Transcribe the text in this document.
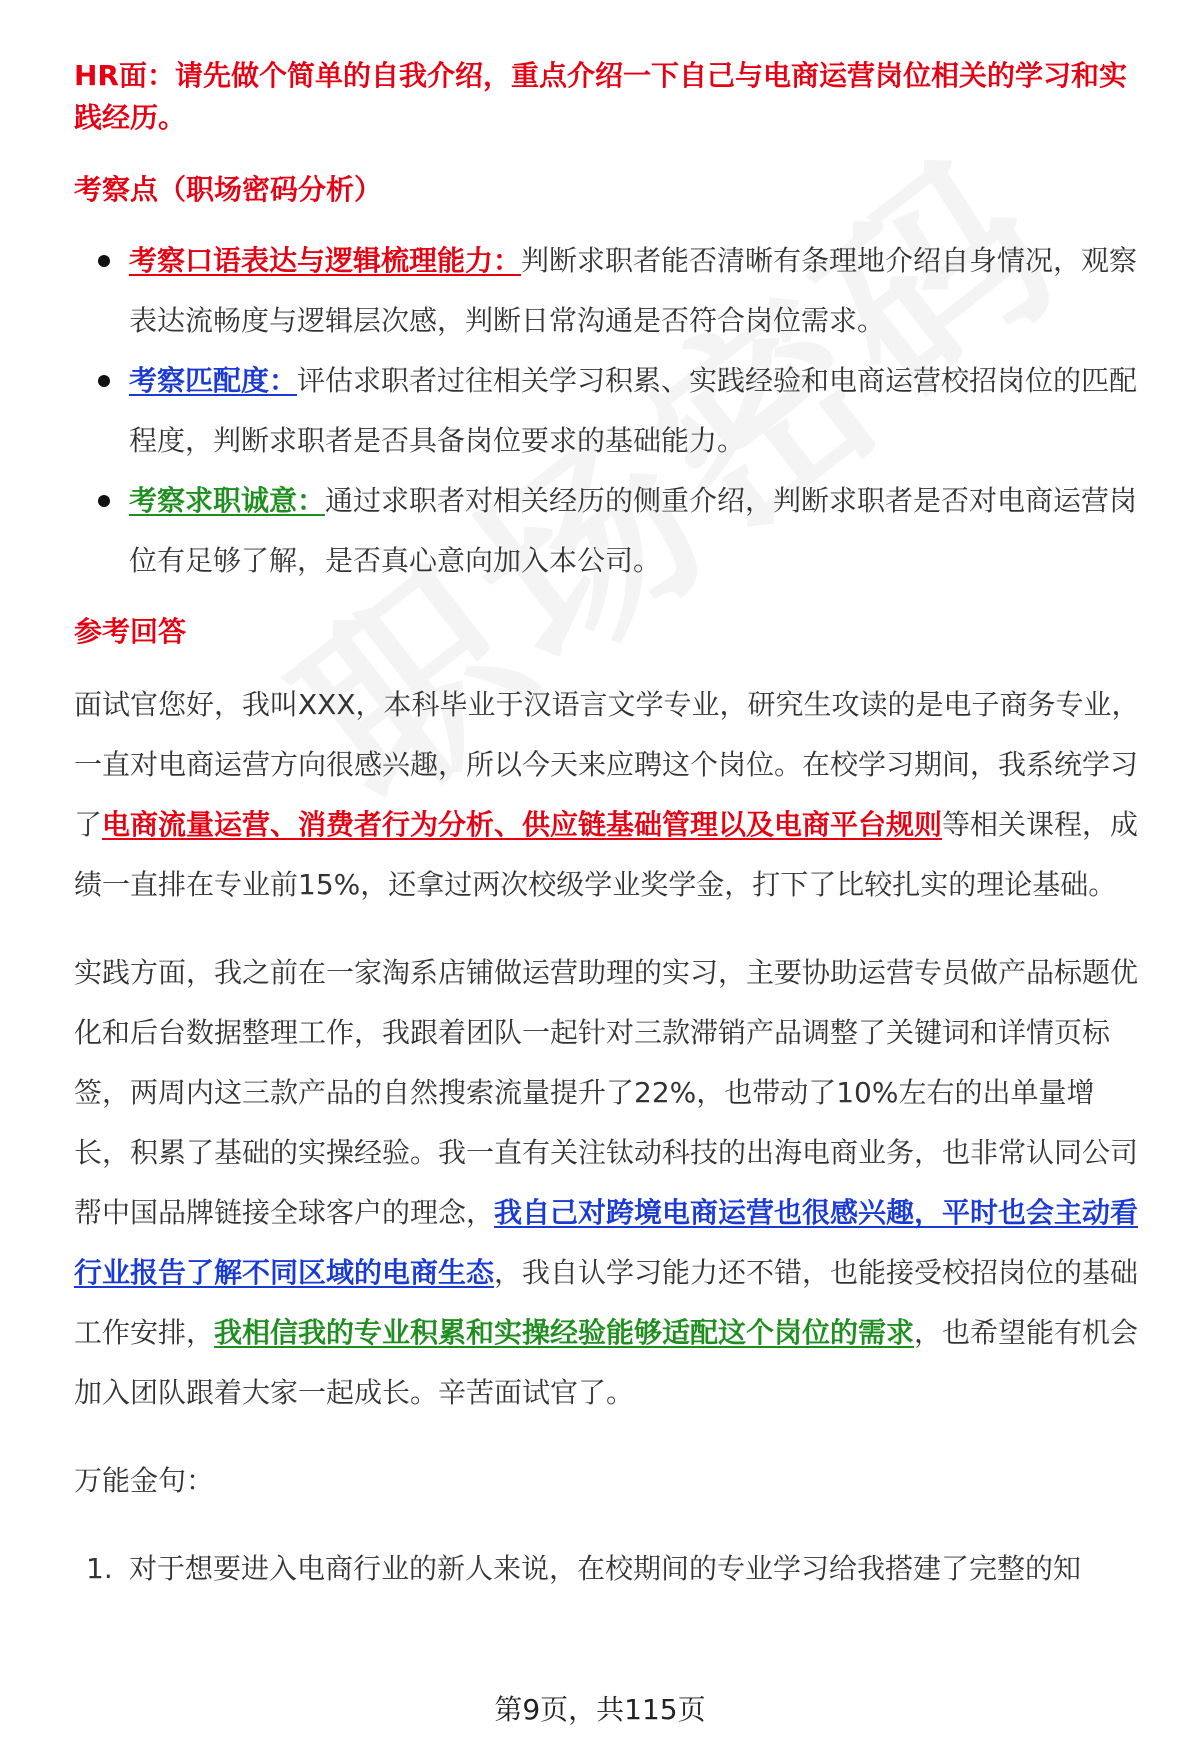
HR面：请先做个简单的自我介绍，重点介绍一下自己与电商运营岗位相关的学习和实践经历。

考察点（职场密码分析）

考察口语表达与逻辑梳理能力：判断求职者能否清晰有条理地介绍自身情况，观察表达流畅度与逻辑层次感，判断日常沟通是否符合岗位需求。
考察匹配度：评估求职者过往相关学习积累、实践经验和电商运营校招岗位的匹配程度，判断求职者是否具备岗位要求的基础能力。
考察求职诚意：通过求职者对相关经历的侧重介绍，判断求职者是否对电商运营岗位有足够了解，是否真心意向加入本公司。

参考回答

面试官您好，我叫XXX，本科毕业于汉语言文学专业，研究生攻读的是电子商务专业，一直对电商运营方向很感兴趣，所以今天来应聘这个岗位。在校学习期间，我系统学习了电商流量运营、消费者行为分析、供应链基础管理以及电商平台规则等相关课程，成绩一直排在专业前15%，还拿过两次校级学业奖学金，打下了比较扎实的理论基础。

实践方面，我之前在一家淘系店铺做运营助理的实习，主要协助运营专员做产品标题优化和后台数据整理工作，我跟着团队一起针对三款滞销产品调整了关键词和详情页标签，两周内这三款产品的自然搜索流量提升了22%，也带动了10%左右的出单量增长，积累了基础的实操经验。我一直有关注钛动科技的出海电商业务，也非常认同公司帮中国品牌链接全球客户的理念，我自己对跨境电商运营也很感兴趣，平时也会主动看行业报告了解不同区域的电商生态，我自认学习能力还不错，也能接受校招岗位的基础工作安排，我相信我的专业积累和实操经验能够适配这个岗位的需求，也希望能有机会加入团队跟着大家一起成长。辛苦面试官了。

万能金句：

1. 对于想要进入电商行业的新人来说，在校期间的专业学习给我搭建了完整的知
第9页，共115页
